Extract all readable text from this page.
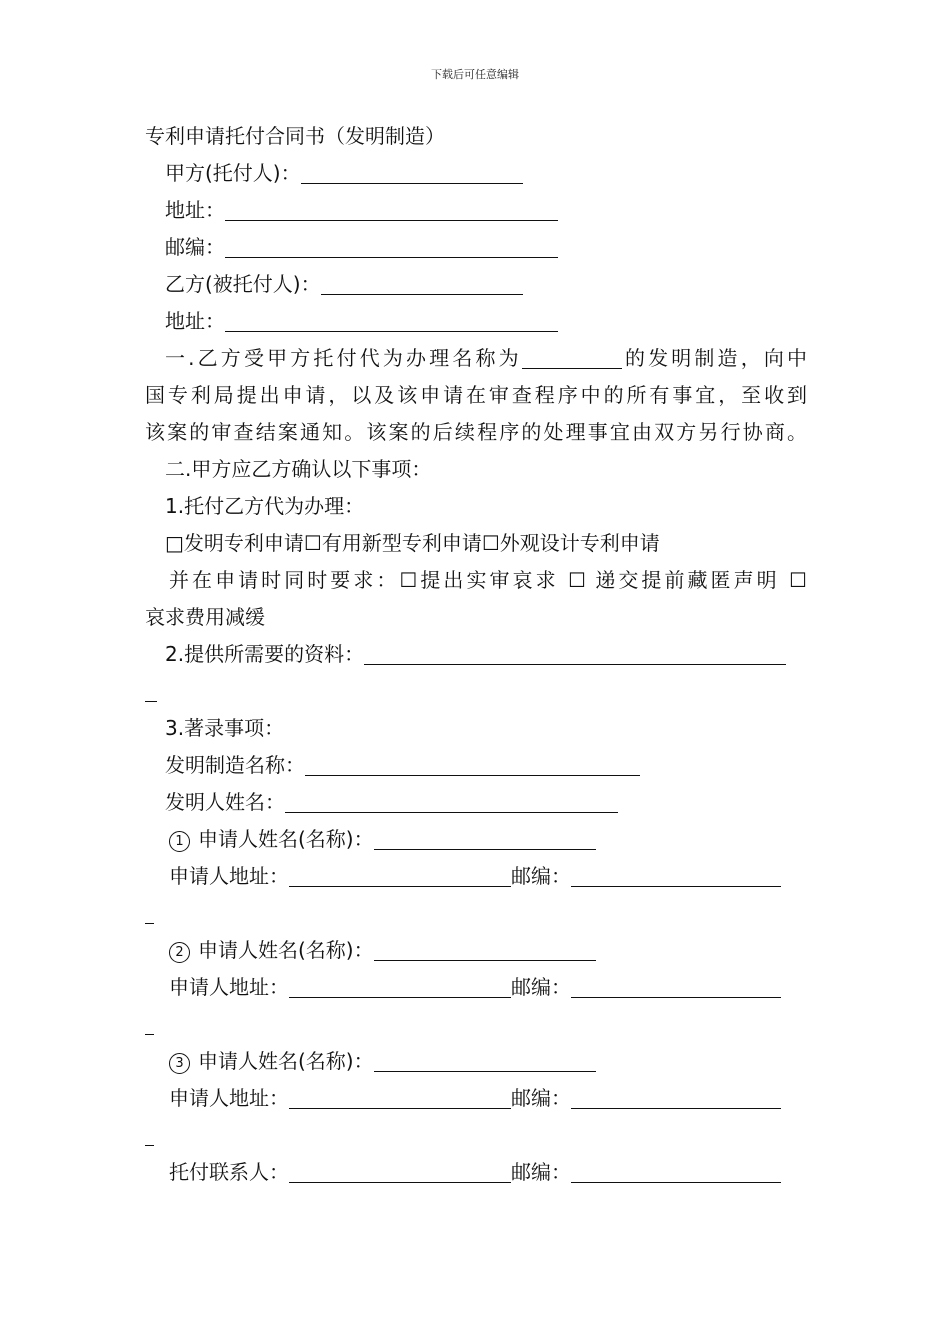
下载后可任意编辑
专利申请托付合同书（发明制造）
甲方(托付人)：
地址：
邮编：
乙方(被托付人)：
地址：
一.乙方受甲方托付代为办理名称为	的发明制造，向中
国专利局提出申请，以及该申请在审查程序中的所有事宜，至收到
该案的审查结案通知。该案的后续程序的处理事宜由双方另行协商。
二.甲方应乙方确认以下事项：
1.托付乙方代为办理：
□发明专利申请☐有用新型专利申请☐外观设计专利申请
并在申请时同时要求：☐提出实审哀求 ☐ 递交提前藏匿声明 ☐
哀求费用减缓
2.提供所需要的资料：
3.著录事项：
发明制造名称：
发明人姓名：
1 申请人姓名(名称)：
申请人地址：	邮编：
2 申请人姓名(名称)：
申请人地址：	邮编：
3 申请人姓名(名称)：
申请人地址：	邮编：
托付联系人：	邮编：
